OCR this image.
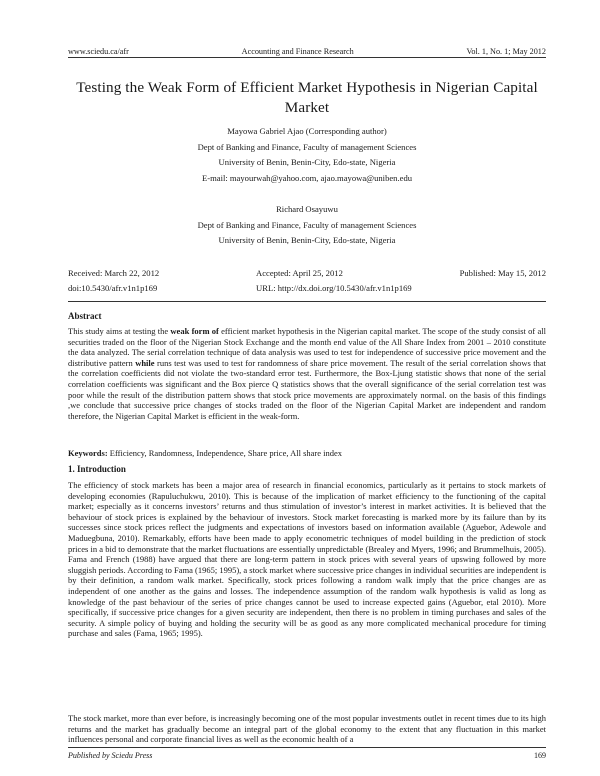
www.sciedu.ca/afr	Accounting and Finance Research	Vol. 1, No. 1; May 2012
Testing the Weak Form of Efficient Market Hypothesis in Nigerian Capital Market
Mayowa Gabriel Ajao (Corresponding author)
Dept of Banking and Finance, Faculty of management Sciences
University of Benin, Benin-City, Edo-state, Nigeria
E-mail: mayourwah@yahoo.com, ajao.mayowa@uniben.edu
Richard Osayuwu
Dept of Banking and Finance, Faculty of management Sciences
University of Benin, Benin-City, Edo-state, Nigeria
Received: March 22, 2012	Accepted: April 25, 2012	Published: May 15, 2012
doi:10.5430/afr.v1n1p169	URL: http://dx.doi.org/10.5430/afr.v1n1p169
Abstract

This study aims at testing the weak form of efficient market hypothesis in the Nigerian capital market. The scope of the study consist of all securities traded on the floor of the Nigerian Stock Exchange and the month end value of the All Share Index from 2001 – 2010 constitute the data analyzed. The serial correlation technique of data analysis was used to test for independence of successive price movement and the distributive pattern while runs test was used to test for randomness of share price movement. The result of the serial correlation shows that the correlation coefficients did not violate the two-standard error test. Furthermore, the Box-Ljung statistic shows that none of the serial correlation coefficients was significant and the Box pierce Q statistics shows that the overall significance of the serial correlation test was poor while the result of the distribution pattern shows that stock price movements are approximately normal. on the basis of this findings ,we conclude that successive price changes of stocks traded on the floor of the Nigerian Capital Market are independent and random therefore, the Nigerian Capital Market is efficient in the weak-form.

Keywords: Efficiency, Randomness, Independence, Share price, All share index
1. Introduction

The efficiency of stock markets has been a major area of research in financial economics, particularly as it pertains to stock markets of developing economies (Rapuluchukwu, 2010). This is because of the implication of market efficiency to the functioning of the capital market; especially as it concerns investors’ returns and thus stimulation of investor’s interest in market activities. It is believed that the behaviour of stock prices is explained by the behaviour of investors. Stock market forecasting is marked more by its failure than by its successes since stock prices reflect the judgments and expectations of investors based on information available (Aguebor, Adewole and Maduegbuna, 2010). Remarkably, efforts have been made to apply econometric techniques of model building in the prediction of stock prices in a bid to demonstrate that the market fluctuations are essentially unpredictable (Brealey and Myers, 1996; and Brummelhuis, 2005). Fama and French (1988) have argued that there are long-term pattern in stock prices with several years of upswing followed by more sluggish periods. According to Fama (1965; 1995), a stock market where successive price changes in individual securities are independent is by their definition, a random walk market. Specifically, stock prices following a random walk imply that the price changes are as independent of one another as the gains and losses. The independence assumption of the random walk hypothesis is valid as long as knowledge of the past behaviour of the series of price changes cannot be used to increase expected gains (Aguebor, etal 2010). More specifically, if successive price changes for a given security are independent, then there is no problem in timing purchases and sales of the security. A simple policy of buying and holding the security will be as good as any more complicated mechanical procedure for timing purchase and sales (Fama, 1965; 1995).

The stock market, more than ever before, is increasingly becoming one of the most popular investments outlet in recent times due to its high returns and the market has gradually become an integral part of the global economy to the extent that any fluctuation in this market influences personal and corporate financial lives as well as the economic health of a

Published by Sciedu Press	169
